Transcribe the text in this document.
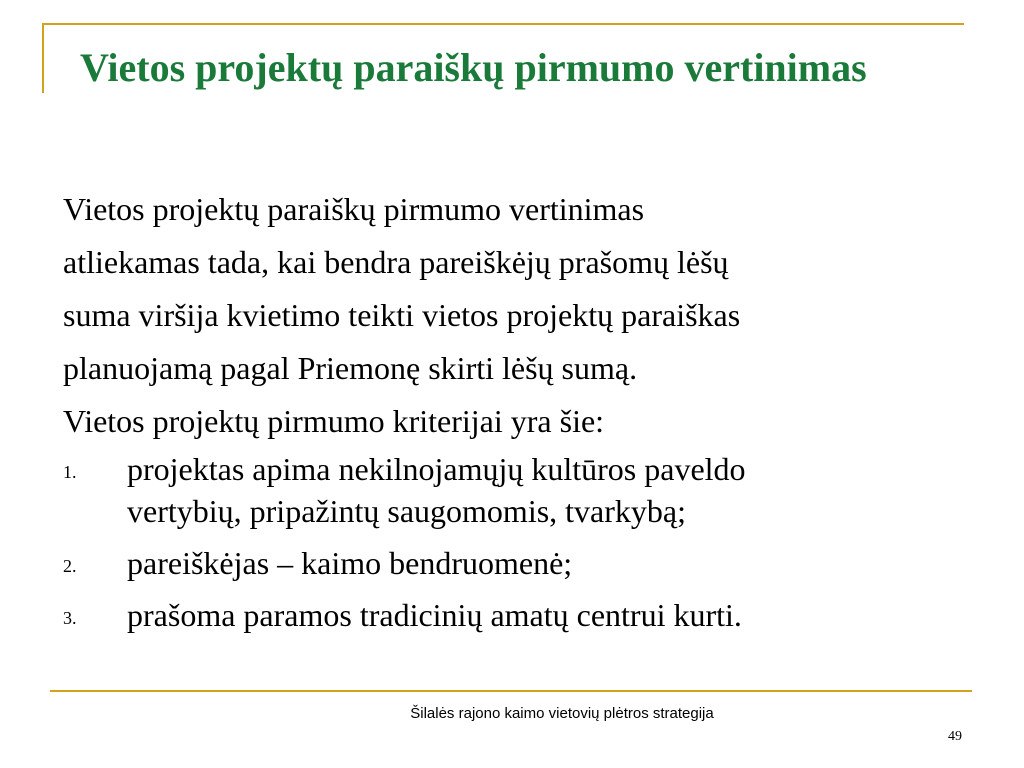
Vietos projektų paraiškų pirmumo vertinimas

Vietos projektų paraiškų pirmumo vertinimas

atliekamas tada, kai bendra pareiškėjų prašomų lėšų

suma viršija kvietimo teikti vietos projektų paraiškas

planuojamą pagal Priemonę skirti lėšų sumą.

Vietos projektų pirmumo kriterijai yra šie:

1. projektas apima nekilnojamųjų kultūros paveldo
vertybių, pripažintų saugomomis, tvarkybą;
2. pareiškėjas – kaimo bendruomenė;
3. prašoma paramos tradicinių amatų centrui kurti.
Šilalės rajono kaimo vietovių plėtros strategija
49
